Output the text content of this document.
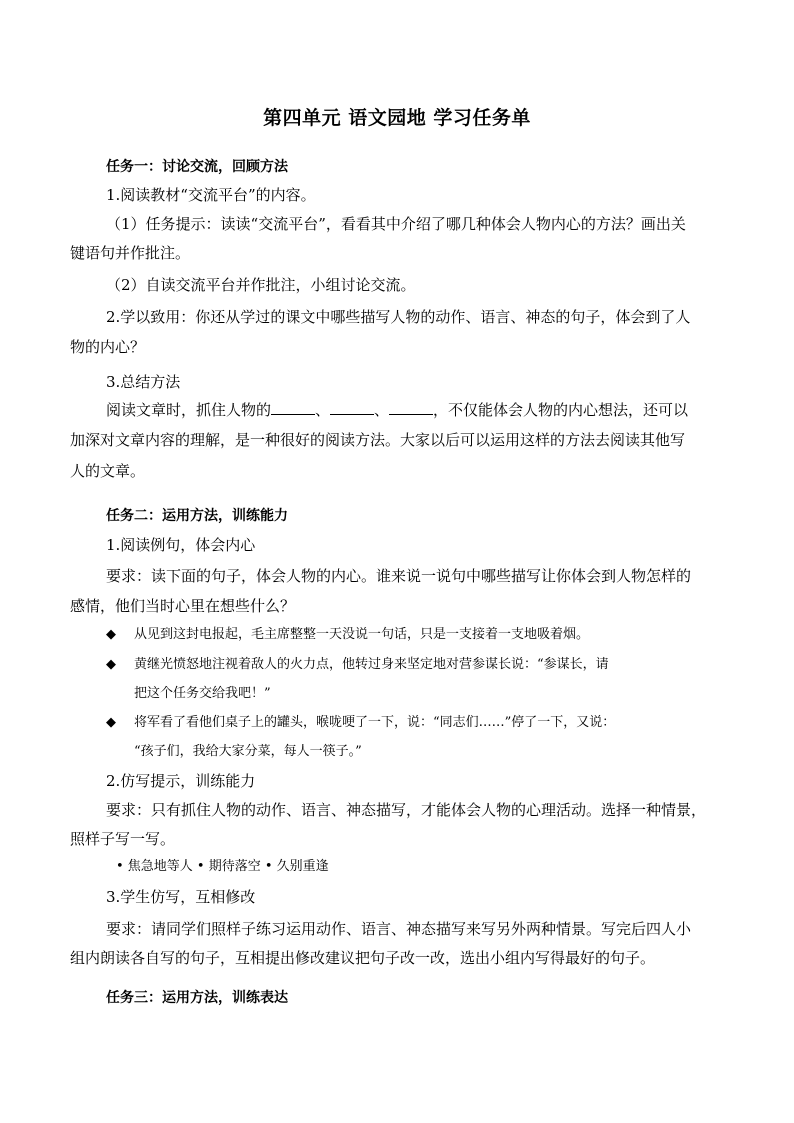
第四单元 语文园地 学习任务单
任务一：讨论交流，回顾方法
1.阅读教材“交流平台”的内容。
（1）任务提示：读读“交流平台”，看看其中介绍了哪几种体会人物内心的方法？画出关
键语句并作批注。
（2）自读交流平台并作批注，小组讨论交流。
2.学以致用：你还从学过的课文中哪些描写人物的动作、语言、神态的句子，体会到了人
物的内心？
3.总结方法
阅读文章时，抓住人物的	、	、	，不仅能体会人物的内心想法，还可以
加深对文章内容的理解，是一种很好的阅读方法。大家以后可以运用这样的方法去阅读其他写
人的文章。
任务二：运用方法，训练能力
1.阅读例句，体会内心
要求：读下面的句子，体会人物的内心。谁来说一说句中哪些描写让你体会到人物怎样的
感情，他们当时心里在想些什么？
◆ 从见到这封电报起，毛主席整整一天没说一句话，只是一支接着一支地吸着烟。
◆ 黄继光愤怒地注视着敌人的火力点，他转过身来坚定地对营参谋长说：“参谋长，请
把这个任务交给我吧！”
◆ 将军看了看他们桌子上的罐头，喉咙哽了一下，说：“同志们……”停了一下，又说：
“孩子们，我给大家分菜，每人一筷子。”
2.仿写提示，训练能力
要求：只有抓住人物的动作、语言、神态描写，才能体会人物的心理活动。选择一种情景，
照样子写一写。
• 焦急地等人 • 期待落空 • 久别重逢
3.学生仿写，互相修改
要求：请同学们照样子练习运用动作、语言、神态描写来写另外两种情景。写完后四人小
组内朗读各自写的句子，互相提出修改建议把句子改一改，选出小组内写得最好的句子。
任务三：运用方法，训练表达
